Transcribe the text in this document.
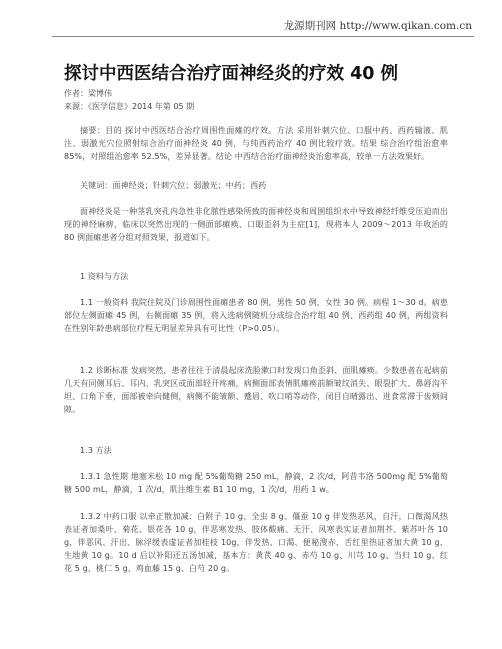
龙源期刊网 http://www.qikan.com.cn
探讨中西医结合治疗面神经炎的疗效 40 例
作者：梁博伟
来源：《医学信息》2014 年第 05 期
摘要：目的 探讨中西医结合治疗周围性面瘫的疗效。方法 采用针刺穴位、口服中药、西药输液、肌注、弱激光穴位照射综合治疗面神经炎 40 例，与纯西药治疗 40 例比较疗效。结果 综合治疗组治愈率 85%，对照组治愈率 52.5%，差异显著。结论 中西结合治疗面神经炎治愈率高，较单一方法效果好。
关键词：面神经炎；针刺穴位；弱激光；中药；西药
面神经炎是一种茎乳突孔内急性非化脓性感染所致的面神经炎和周围组织水中导致神经纤维受压迫而出现的神经麻痹，临床以突然出现的一侧面部瘫痪、口眼歪斜为主症[1]，现将本人 2009～2013 年收治的 80 例面瘫患者分组对照效果，报道如下。
1 资料与方法
1.1 一般资料 我院住院及门诊周围性面瘫患者 80 例，男性 50 例，女性 30 例。病程 1～30 d。病患部位左侧面瘫 45 例，右侧面瘫 35 例，将入选病例随机分成综合治疗组 40 例、西药组 40 例，两组资料在性别年龄患病部位疗程无明显差异具有可比性（P>0.05）。
1.2 诊断标准 发病突然，患者往往于清晨起床洗脸漱口时发现口角歪斜、面肌瘫痪。少数患者在起病前几天有同侧耳后、耳内、乳突区或面部轻开疼痛，病侧面部表情肌瘫痪前额皱纹消失、眼裂扩大、鼻唇沟平坦、口角下垂，面部被牵向健侧，病侧不能皱额、蹙眉、吹口哨等动作，闭目自晴露出、进食常滞于齿颊间隙。
1.3 方法
1.3.1 急性期 地塞米松 10 mg 配 5%葡萄糖 250 mL，静滴，2 次/d，阿昔韦洛 500mg 配 5%葡萄糖 500 mL，静滴，1 次/d，肌注维生素 B1 10 mg，1 次/d，用药 1 w。
1.3.2 中药口服 以牵正散加减：白附子 10 g、全虫 8 g、僵蚕 10 g 伴发热恶风，自汗，口微渴风热表证者加桑叶、菊花、银花各 10 g，伴恶寒发热、肢体酸痛、无汗、风寒表实证者加荆芥、紫苏叶各 10 g，伴恶风、汗出、脉浮缓表虚证者加桂枝 10g，伴发热、口渴、便秘溲赤、舌红里热证者加大黄 10 g、生地黄 10 g。10 d 后以补阳还五汤加减，基本方：黄芪 40 g、赤芍 10 g、川芎 10 g、当归 10 g、红花 5 g、桃仁 5 g、鸡血藤 15 g、白芍 20 g。
